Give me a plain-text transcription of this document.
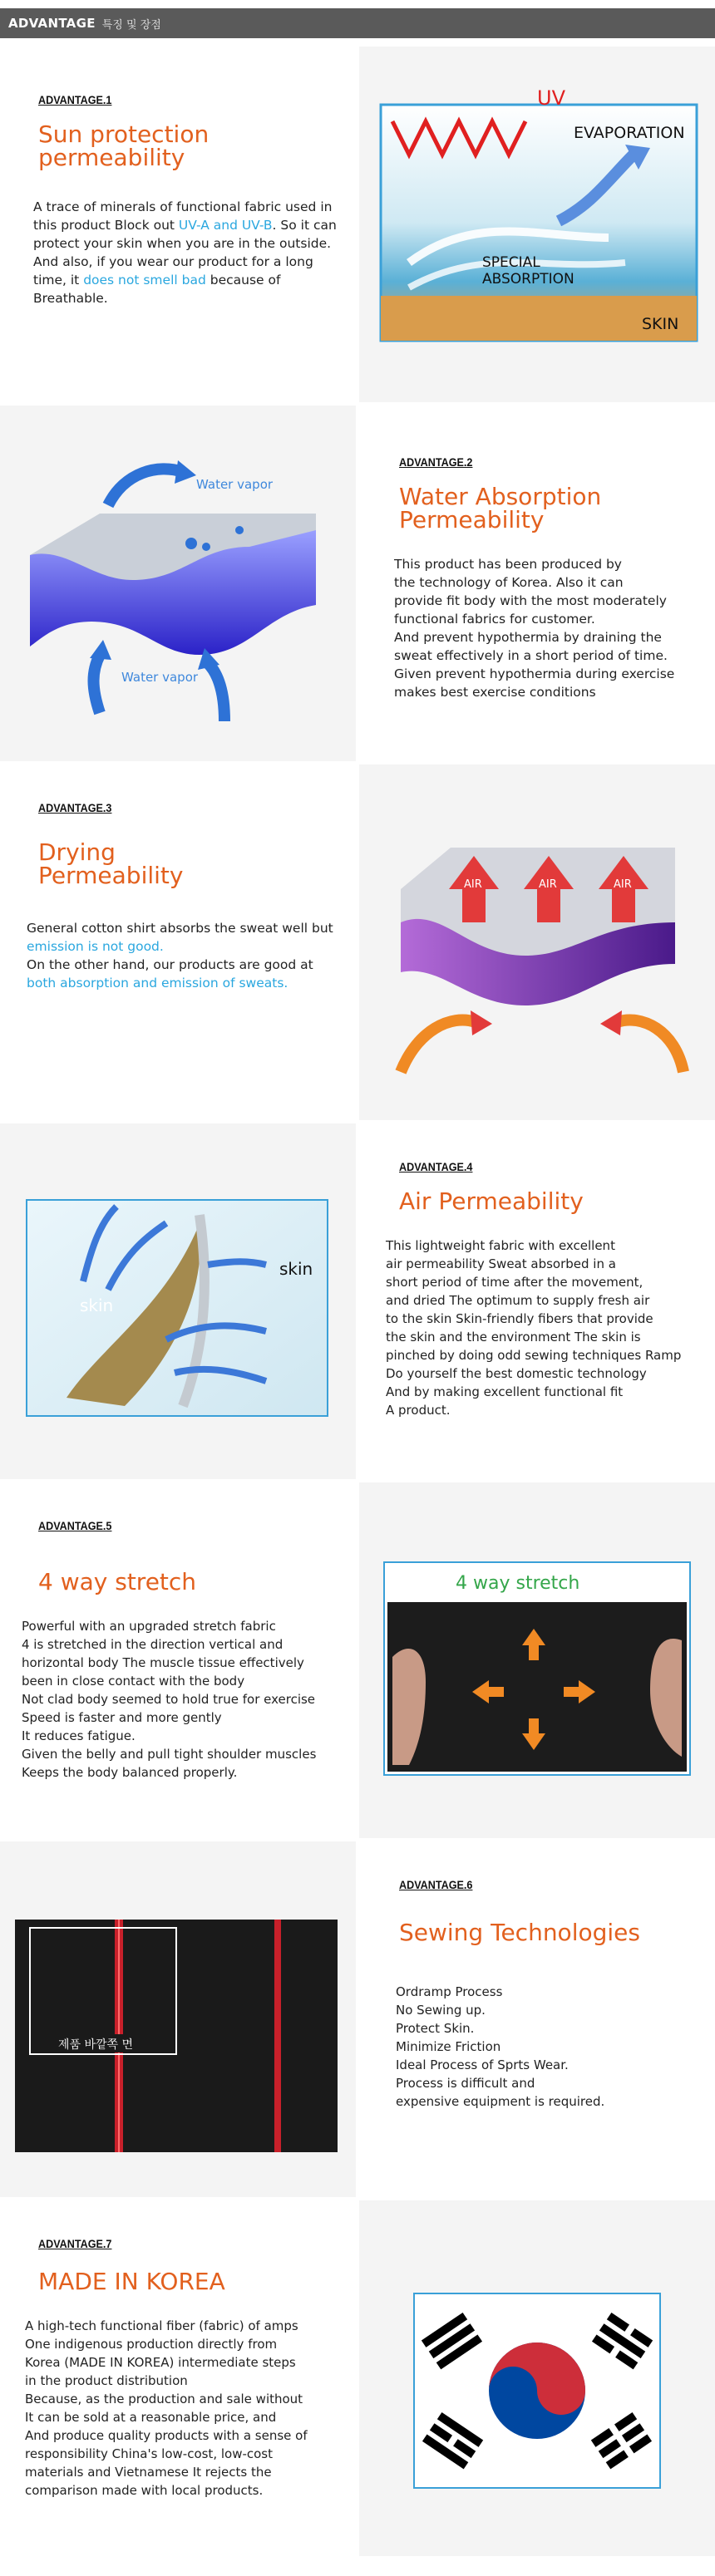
ADVANTAGE 특징 및 장점
ADVANTAGE.1
Sun protection
permeability
A trace of minerals of functional fabric used in this product Block out UV-A and UV-B. So it can protect your skin when you are in the outside.
And also, if you wear our product for a long time, it does not smell bad because of Breathable.
UV
EVAPORATION
SPECIAL
ABSORPTION
SKIN
Water vapor
Water vapor
ADVANTAGE.2
Water Absorption
Permeability
This product has been produced by
the technology of Korea. Also it can
provide fit body with the most moderately
functional fabrics for customer.
And prevent hypothermia by draining the
sweat effectively in a short period of time.
Given prevent hypothermia during exercise
makes best exercise conditions
ADVANTAGE.3
Drying
Permeability
General cotton shirt absorbs the sweat well but emission is not good.
On the other hand, our products are good at both absorption and emission of sweats.
AIR	AIR	AIR
skin
skin
ADVANTAGE.4
Air Permeability
This lightweight fabric with excellent
air permeability Sweat absorbed in a
short period of time after the movement,
and dried The optimum to supply fresh air
to the skin Skin-friendly fibers that provide
the skin and the environment The skin is
pinched by doing odd sewing techniques Ramp
Do yourself the best domestic technology
And by making excellent functional fit
A product.
ADVANTAGE.5
4 way stretch
Powerful with an upgraded stretch fabric
4 is stretched in the direction vertical and
horizontal body The muscle tissue effectively
been in close contact with the body
Not clad body seemed to hold true for exercise
Speed is faster and more gently
It reduces fatigue.
Given the belly and pull tight shoulder muscles
Keeps the body balanced properly.
4 way stretch
제품 바깥쪽 면
ADVANTAGE.6
Sewing Technologies
Ordramp Process
No Sewing up.
Protect Skin.
Minimize Friction
Ideal Process of Sprts Wear.
Process is difficult and
expensive equipment is required.
ADVANTAGE.7
MADE IN KOREA
A high-tech functional fiber (fabric) of amps
One indigenous production directly from
Korea (MADE IN KOREA) intermediate steps
in the product distribution
Because, as the production and sale without
It can be sold at a reasonable price, and
And produce quality products with a sense of
responsibility China's low-cost, low-cost
materials and Vietnamese It rejects the
comparison made with local products.
